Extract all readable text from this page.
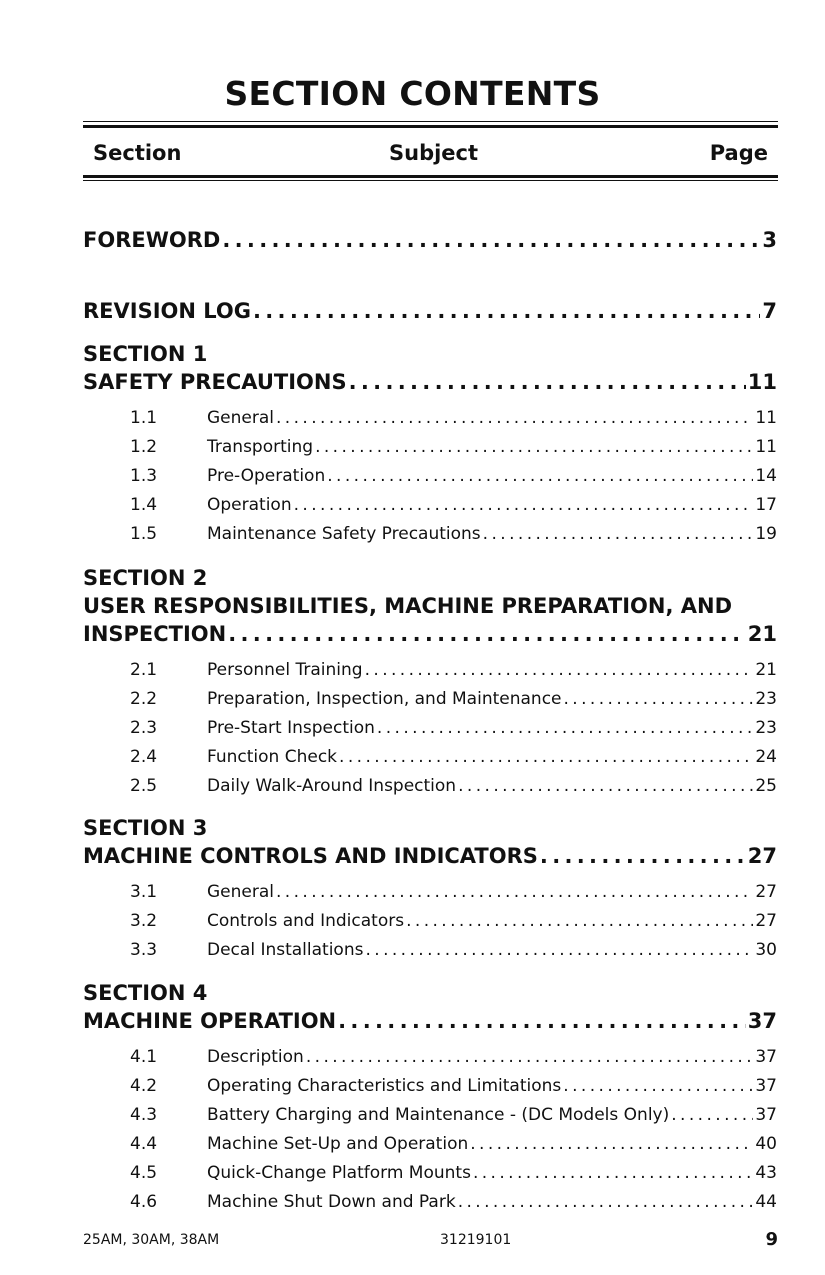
SECTION CONTENTS
Section	Subject	Page
FOREWORD . . .	3
REVISION LOG . . .	7
SECTION 1
SAFETY PRECAUTIONS . . .	11
1.1	General . . .	11
1.2	Transporting . . .	11
1.3	Pre-Operation . . .	14
1.4	Operation . . .	17
1.5	Maintenance Safety Precautions . . .	19
SECTION 2
USER RESPONSIBILITIES, MACHINE PREPARATION, AND
INSPECTION . . .	21
2.1	Personnel Training . . .	21
2.2	Preparation, Inspection, and Maintenance . . .	23
2.3	Pre-Start Inspection . . .	23
2.4	Function Check . . .	24
2.5	Daily Walk-Around Inspection . . .	25
SECTION 3
MACHINE CONTROLS AND INDICATORS . . .	27
3.1	General . . .	27
3.2	Controls and Indicators . . .	27
3.3	Decal Installations . . .	30
SECTION 4
MACHINE OPERATION . . .	37
4.1	Description . . .	37
4.2	Operating Characteristics and Limitations . . .	37
4.3	Battery Charging and Maintenance - (DC Models Only) . . .	37
4.4	Machine Set-Up and Operation . . .	40
4.5	Quick-Change Platform Mounts . . .	43
4.6	Machine Shut Down and Park . . .	44
25AM, 30AM, 38AM	31219101	9
